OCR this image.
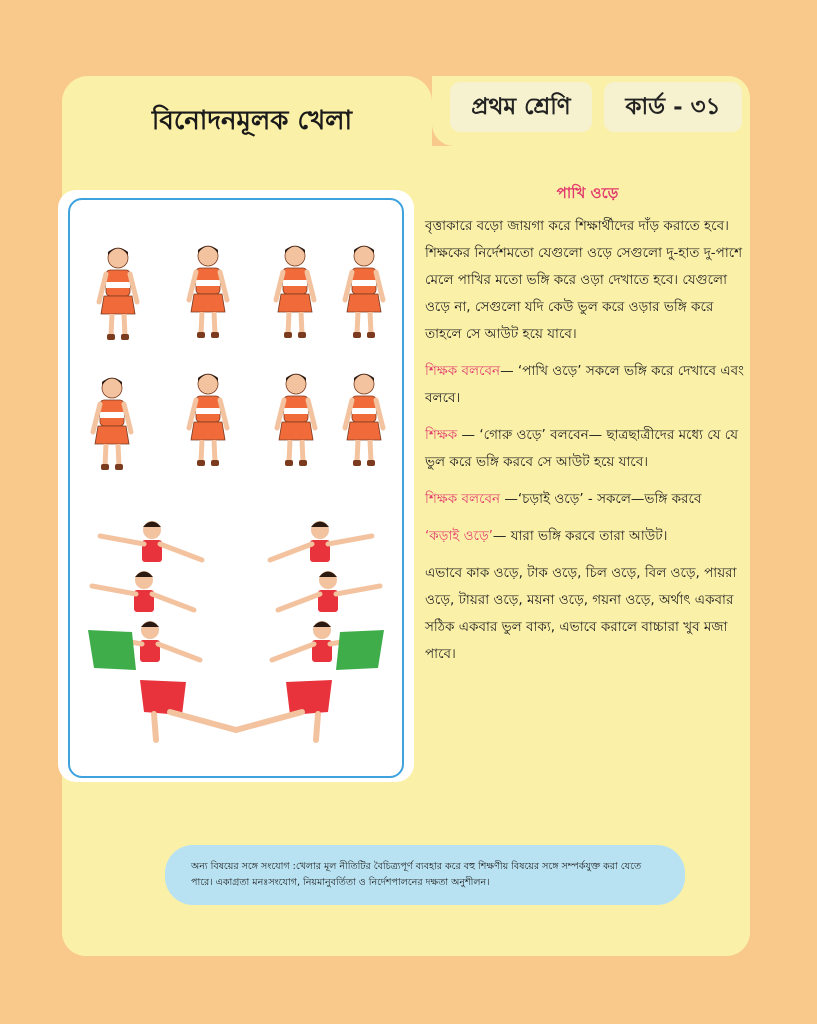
বিনোদনমূলক খেলা	প্রথম শ্রেণি	কার্ড - ৩১
পাখি ওড়ে

বৃত্তাকারে বড়ো জায়গা করে শিক্ষার্থীদের দাঁড় করাতে হবে। শিক্ষকের নির্দেশমতো যেগুলো ওড়ে সেগুলো দু-হাত দু-পাশে মেলে পাখির মতো ভঙ্গি করে ওড়া দেখাতে হবে। যেগুলো ওড়ে না, সেগুলো যদি কেউ ভুল করে ওড়ার ভঙ্গি করে তাহলে সে আউট হয়ে যাবে।

শিক্ষক বলবেন— ‘পাখি ওড়ে’ সকলে ভঙ্গি করে দেখাবে এবং বলবে।

শিক্ষক — ‘গোরু ওড়ে’ বলবেন— ছাত্রছাত্রীদের মধ্যে যে যে ভুল করে ভঙ্গি করবে সে আউট হয়ে যাবে।

শিক্ষক বলবেন —‘চড়াই ওড়ে’ - সকলে—ভঙ্গি করবে

‘কড়াই ওড়ে’— যারা ভঙ্গি করবে তারা আউট।

এভাবে কাক ওড়ে, টাক ওড়ে, চিল ওড়ে, বিল ওড়ে, পায়রা ওড়ে, টায়রা ওড়ে, ময়না ওড়ে, গয়না ওড়ে, অর্থাৎ একবার সঠিক একবার ভুল বাক্য, এভাবে করালে বাচ্চারা খুব মজা পাবে।

অন্য বিষয়ের সঙ্গে সংযোগ :খেলার মূল নীতিটির বৈচিত্র্যপূর্ণ ব্যবহার করে বহু শিক্ষণীয় বিষয়ের সঙ্গে সম্পর্কযুক্ত করা যেতে পারে। একাগ্রতা মনঃসংযোগ, নিয়মানুবর্তিতা ও নির্দেশপালনের দক্ষতা অনুশীলন।
